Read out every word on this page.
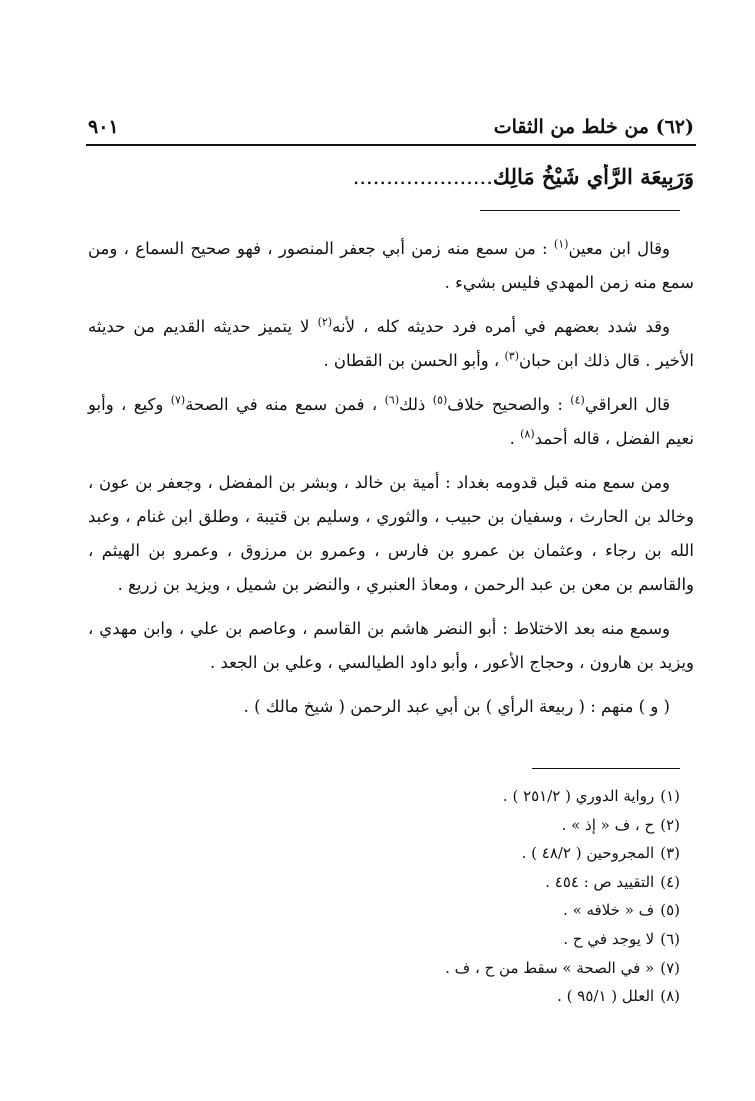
(٦٢) من خلط من الثقات
٩٠١
وَرَبِيعَة الرَّأْي شَيْخُ مَالِك.....................

وقال ابن معين$^{(١)}$ : من سمع منه زمن أبي جعفر المنصور ، فهو صحيح السماع ، ومن سمع منه زمن المهدي فليس بشيء .

وقد شدد بعضهم في أمره فرد حديثه كله ، لأنه$^{(٢)}$ لا يتميز حديثه القديم من حديثه الأخير . قال ذلك ابن حبان$^{(٣)}$ ، وأبو الحسن بن القطان .

قال العراقي$^{(٤)}$ : والصحيح خلاف$^{(٥)}$ ذلك$^{(٦)}$ ، فمن سمع منه في الصحة$^{(٧)}$ وكيع ، وأبو نعيم الفضل ، قاله أحمد$^{(٨)}$ .

ومن سمع منه قبل قدومه بغداد : أمية بن خالد ، وبشر بن المفضل ، وجعفر بن عون ، وخالد بن الحارث ، وسفيان بن حبيب ، والثوري ، وسليم بن قتيبة ، وطلق ابن غنام ، وعبد الله بن رجاء ، وعثمان بن عمرو بن فارس ، وعمرو بن مرزوق ، وعمرو بن الهيثم ، والقاسم بن معن بن عبد الرحمن ، ومعاذ العنبري ، والنضر بن شميل ، ويزيد بن زريع .

وسمع منه بعد الاختلاط : أبو النضر هاشم بن القاسم ، وعاصم بن علي ، وابن مهدي ، ويزيد بن هارون ، وحجاج الأعور ، وأبو داود الطيالسي ، وعلي بن الجعد .

( و ) منهم : ( ربيعة الرأي ) بن أبي عبد الرحمن ( شيخ مالك ) .

(١)رواية الدوري ( ٢٥١/٢ ) .
(٢)ح ، ف « إذ » .
(٣)المجروحين ( ٤٨/٢ ) .
(٤)التقييد ص : ٤٥٤ .
(٥)ف « خلافه » .
(٦)لا يوجد في ح .
(٧)« في الصحة » سقط من ح ، ف .
(٨)العلل ( ٩٥/١ ) .
